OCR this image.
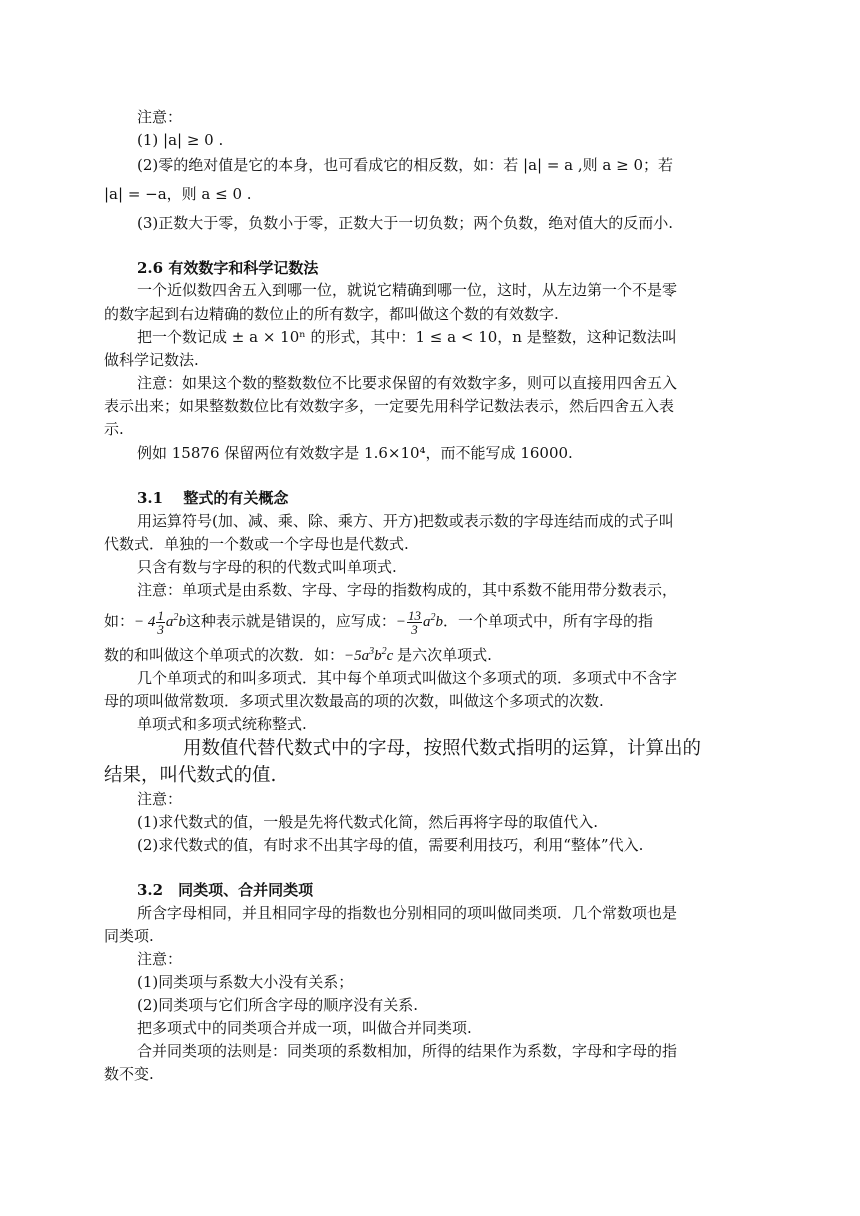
注意：
(1) |a| ≥ 0 .
(2)零的绝对值是它的本身，也可看成它的相反数，如：若 |a| = a ,则 a ≥ 0；若
|a| = −a，则 a ≤ 0 .
(3)正数大于零，负数小于零，正数大于一切负数；两个负数，绝对值大的反而小.
2.6 有效数字和科学记数法
一个近似数四舍五入到哪一位，就说它精确到哪一位，这时，从左边第一个不是零
的数字起到右边精确的数位止的所有数字，都叫做这个数的有效数字.
把一个数记成 ± a × 10ⁿ 的形式，其中：1 ≤ a < 10，n 是整数，这种记数法叫
做科学记数法.
注意：如果这个数的整数数位不比要求保留的有效数字多，则可以直接用四舍五入
表示出来；如果整数数位比有效数字多，一定要先用科学记数法表示，然后四舍五入表
示.
例如 15876 保留两位有效数字是 1.6×10⁴，而不能写成 16000.
3.1　 整式的有关概念
用运算符号(加、减、乘、除、乘方、开方)把数或表示数的字母连结而成的式子叫
代数式．单独的一个数或一个字母也是代数式.
只含有数与字母的积的代数式叫单项式.
注意：单项式是由系数、字母、字母的指数构成的，其中系数不能用带分数表示，
如：− $4 \frac{1}{3} a^2b$这种表示就是错误的，应写成：− $\frac{13}{3} a^2b$．一个单项式中，所有字母的指
数的和叫做这个单项式的次数．如：$-5a^3b^2c$ 是六次单项式.
几个单项式的和叫多项式．其中每个单项式叫做这个多项式的项．多项式中不含字
母的项叫做常数项．多项式里次数最高的项的次数，叫做这个多项式的次数.
单项式和多项式统称整式.
用数值代替代数式中的字母，按照代数式指明的运算，计算出的
结果，叫代数式的值.
注意：
(1)求代数式的值，一般是先将代数式化简，然后再将字母的取值代入.
(2)求代数式的值，有时求不出其字母的值，需要利用技巧，利用“整体”代入.
3.2　同类项、合并同类项
所含字母相同，并且相同字母的指数也分别相同的项叫做同类项．几个常数项也是
同类项.
注意：
(1)同类项与系数大小没有关系；
(2)同类项与它们所含字母的顺序没有关系.
把多项式中的同类项合并成一项，叫做合并同类项.
合并同类项的法则是：同类项的系数相加，所得的结果作为系数，字母和字母的指
数不变.
